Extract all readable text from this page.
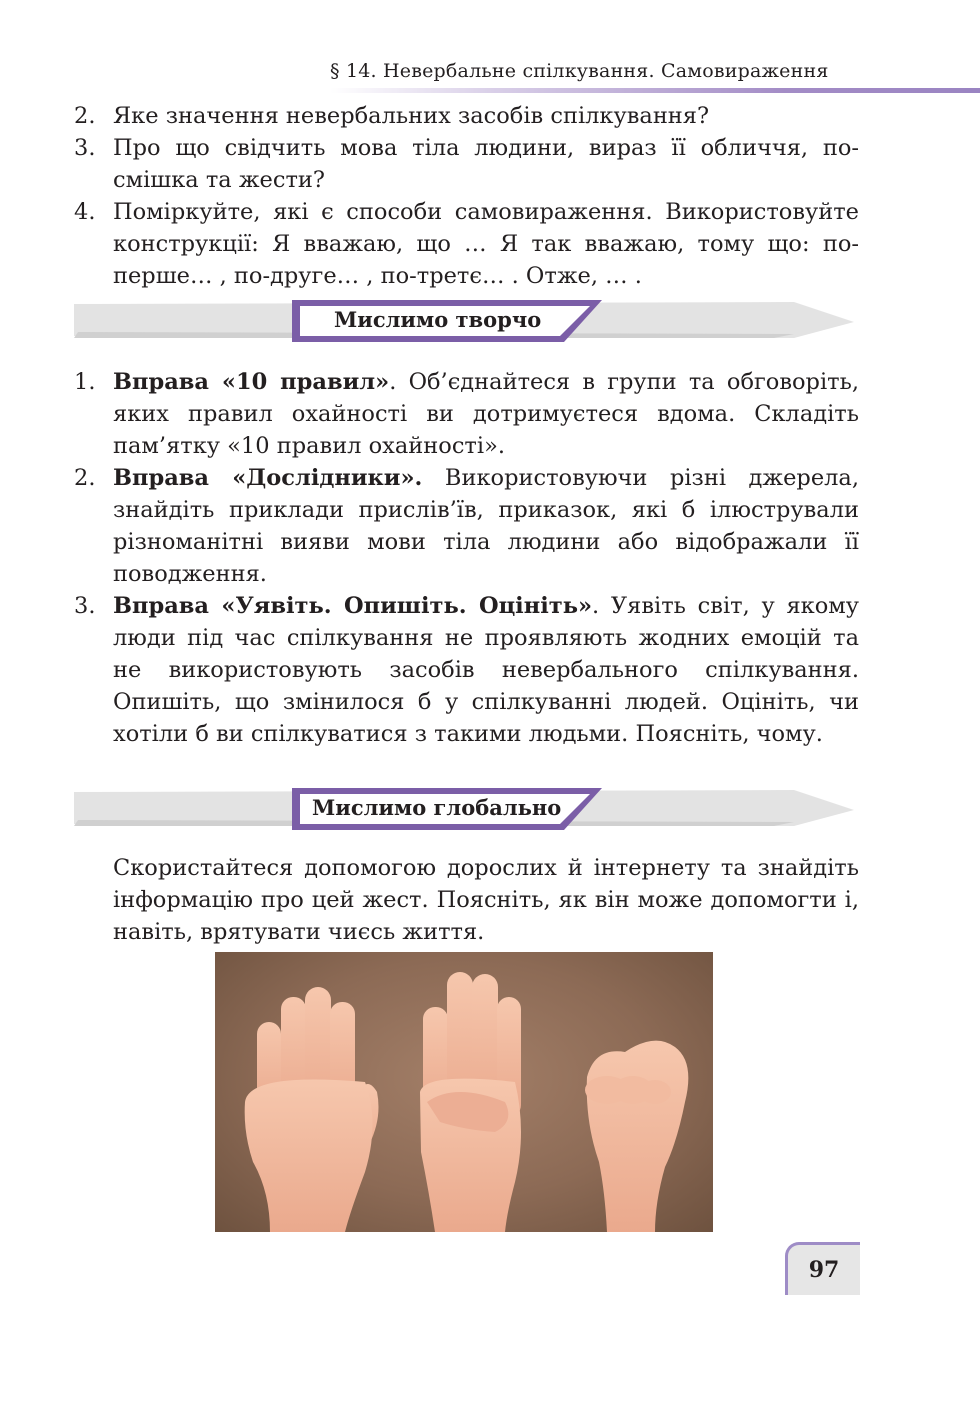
§ 14. Невербальне спілкування. Самовираження
2. Яке значення невербальних засобів спілкування?
3. Про що свідчить мова тіла людини, вираз її обличчя, посмішка та жести?
4. Поміркуйте, які є способи самовираження. Використовуйте конструкції: Я вважаю, що … Я так вважаю, тому що: по-перше… , по-друге… , по-третє… . Отже, … .
Мислимо творчо
1. Вправа «10 правил». Об’єднайтеся в групи та обговоріть, яких правил охайності ви дотримуєтеся вдома. Складіть пам’ятку «10 правил охайності».
2. Вправа «Дослідники». Використовуючи різні джерела, знайдіть приклади прислів’їв, приказок, які б ілюстрували різноманітні вияви мови тіла людини або відображали її поводження.
3. Вправа «Уявіть. Опишіть. Оцініть». Уявіть світ, у якому люди під час спілкування не проявляють жодних емоцій та не використовують засобів невербального спілкування. Опишіть, що змінилося б у спілкуванні людей. Оцініть, чи хотіли б ви спілкуватися з такими людьми. Поясніть, чому.
Мислимо глобально
Скористайтеся допомогою дорослих й інтернету та знайдіть інформацію про цей жест. Поясніть, як він може допомогти і, навіть, врятувати чиєсь життя.
97
